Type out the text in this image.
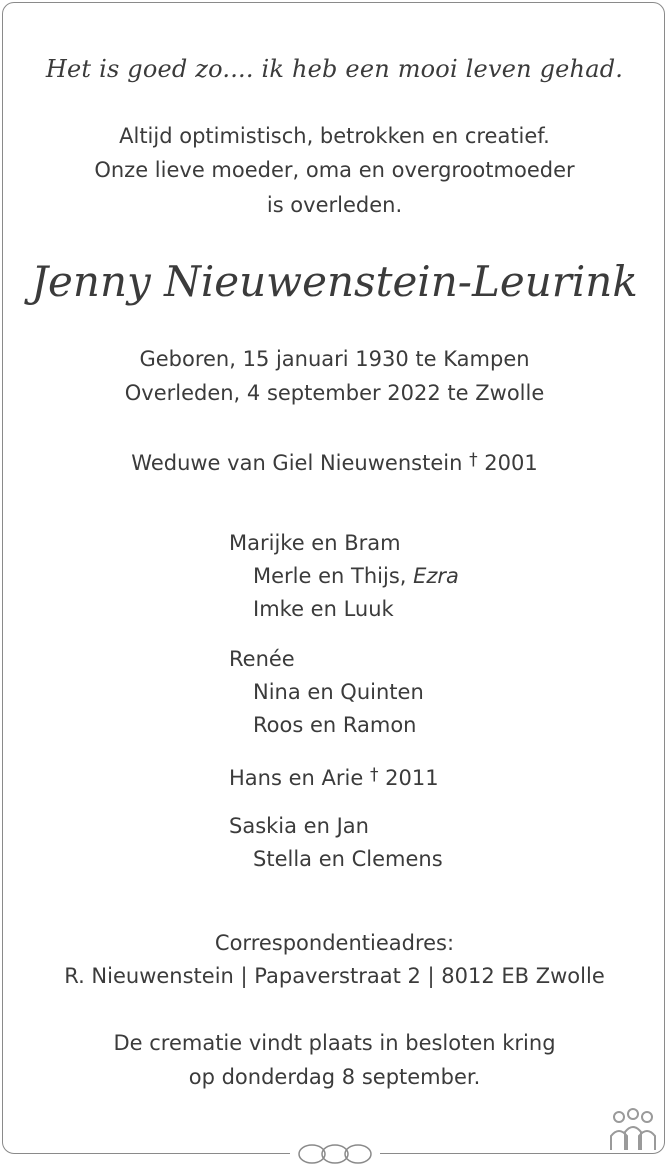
Het is goed zo.... ik heb een mooi leven gehad.
Altijd optimistisch, betrokken en creatief.
Onze lieve moeder, oma en overgrootmoeder
is overleden.
Jenny Nieuwenstein-Leurink
Geboren, 15 januari 1930 te Kampen
Overleden, 4 september 2022 te Zwolle
Weduwe van Giel Nieuwenstein † 2001
Marijke en Bram
Merle en Thijs, Ezra
Imke en Luuk
Renée
Nina en Quinten
Roos en Ramon
Hans en Arie † 2011
Saskia en Jan
Stella en Clemens
Correspondentieadres:
R. Nieuwenstein | Papaverstraat 2 | 8012 EB Zwolle
De crematie vindt plaats in besloten kring
op donderdag 8 september.
